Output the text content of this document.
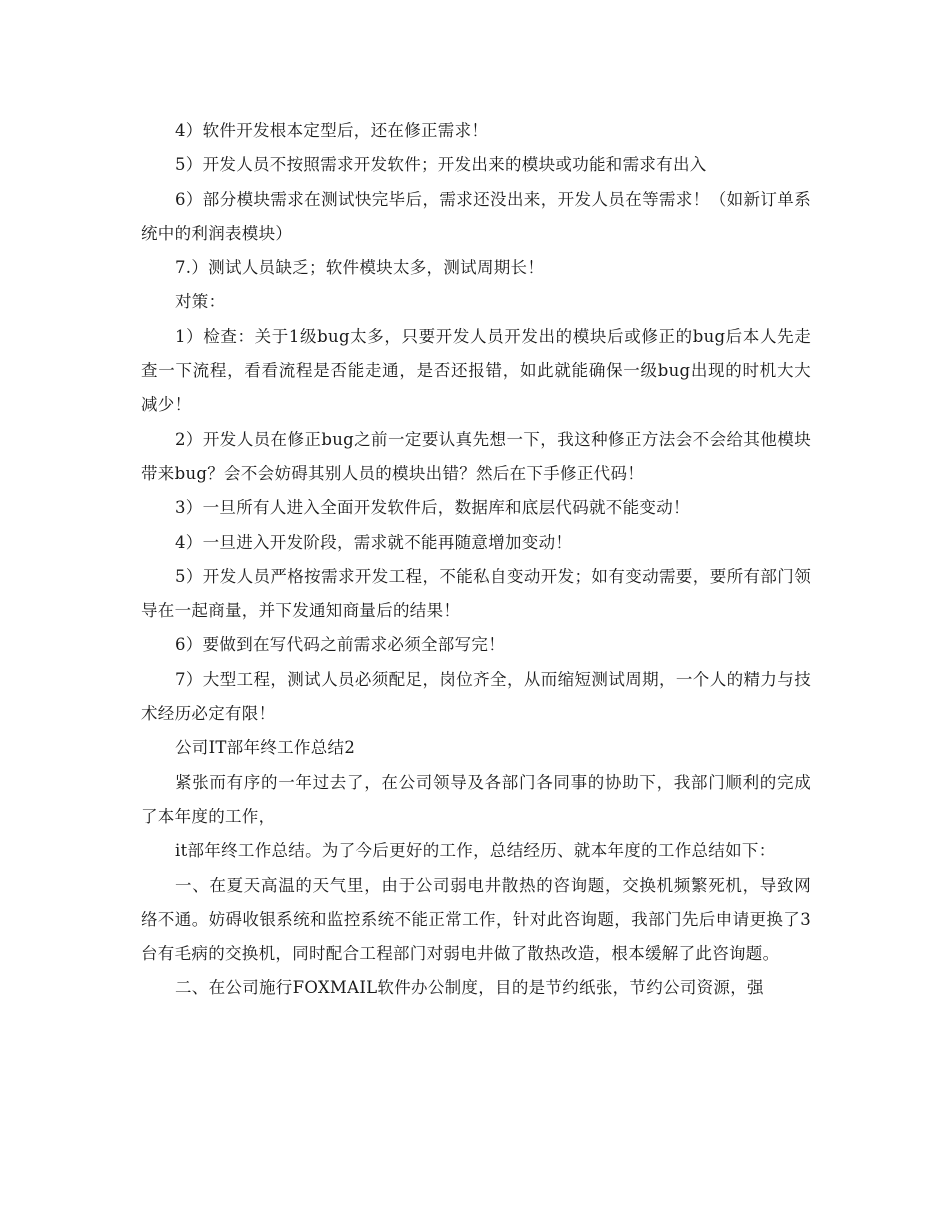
4）软件开发根本定型后，还在修正需求！

5）开发人员不按照需求开发软件；开发出来的模块或功能和需求有出入

6）部分模块需求在测试快完毕后，需求还没出来，开发人员在等需求！（如新订单系统中的利润表模块）

7.）测试人员缺乏；软件模块太多，测试周期长！

对策：

1）检查：关于1级bug太多，只要开发人员开发出的模块后或修正的bug后本人先走查一下流程，看看流程是否能走通，是否还报错，如此就能确保一级bug出现的时机大大减少！

2）开发人员在修正bug之前一定要认真先想一下，我这种修正方法会不会给其他模块带来bug？会不会妨碍其别人员的模块出错？然后在下手修正代码！

3）一旦所有人进入全面开发软件后，数据库和底层代码就不能变动！

4）一旦进入开发阶段，需求就不能再随意增加变动！

5）开发人员严格按需求开发工程，不能私自变动开发；如有变动需要，要所有部门领导在一起商量，并下发通知商量后的结果！

6）要做到在写代码之前需求必须全部写完！

7）大型工程，测试人员必须配足，岗位齐全，从而缩短测试周期，一个人的精力与技术经历必定有限！

公司IT部年终工作总结2

紧张而有序的一年过去了，在公司领导及各部门各同事的协助下，我部门顺利的完成了本年度的工作，

it部年终工作总结。为了今后更好的工作，总结经历、就本年度的工作总结如下：

一、在夏天高温的天气里，由于公司弱电井散热的咨询题，交换机频繁死机，导致网络不通。妨碍收银系统和监控系统不能正常工作，针对此咨询题，我部门先后申请更换了3台有毛病的交换机，同时配合工程部门对弱电井做了散热改造，根本缓解了此咨询题。

二、在公司施行FOXMAIL软件办公制度，目的是节约纸张，节约公司资源，强
